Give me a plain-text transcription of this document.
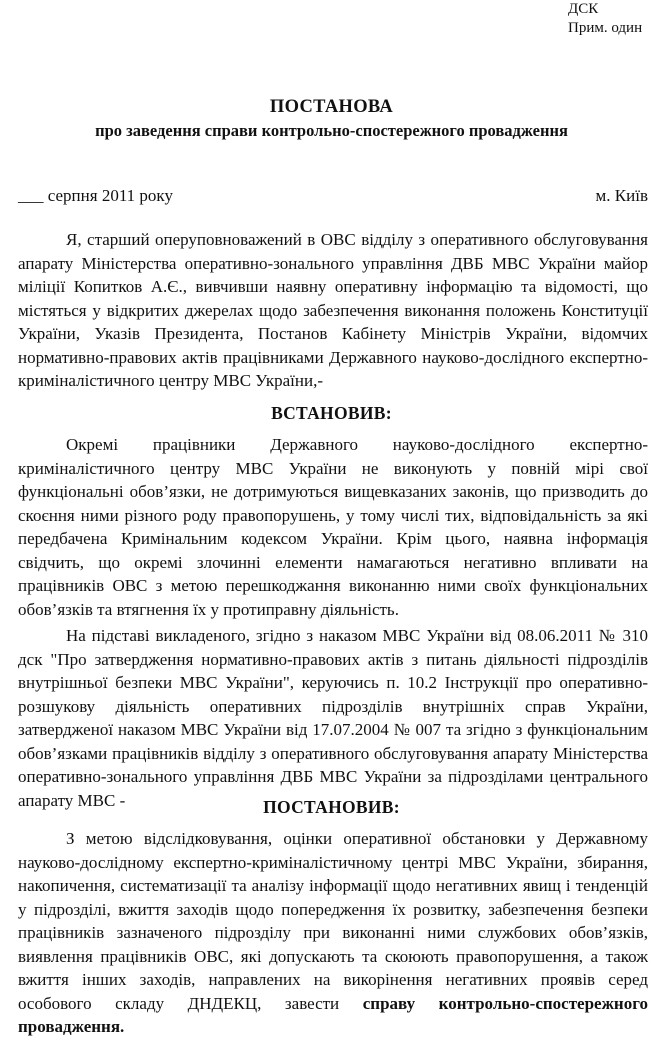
ДСК
Прим. один
ПОСТАНОВА
про заведення справи контрольно-спостережного провадження
___ серпня 2011 року	м. Київ

Я, старший оперуповноважений в ОВС відділу з оперативного обслуговування апарату Міністерства оперативно-зонального управління ДВБ МВС України майор міліції Копитков А.Є., вивчивши наявну оперативну інформацію та відомості, що містяться у відкритих джерелах щодо забезпечення виконання положень Конституції України, Указів Президента, Постанов Кабінету Міністрів України, відомчих нормативно-правових актів працівниками Державного науково-дослідного експертно-криміналістичного центру МВС України,-

ВСТАНОВИВ:

Окремі працівники Державного науково-дослідного експертно-криміналістичного центру МВС України не виконують у повній мірі свої функціональні обов’язки, не дотримуються вищевказаних законів, що призводить до скоєння ними різного роду правопорушень, у тому числі тих, відповідальність за які передбачена Кримінальним кодексом України. Крім цього, наявна інформація свідчить, що окремі злочинні елементи намагаються негативно впливати на працівників ОВС з метою перешкоджання виконанню ними своїх функціональних обов’язків та втягнення їх у протиправну діяльність.

На підставі викладеного, згідно з наказом МВС України від 08.06.2011 № 310 дск "Про затвердження нормативно-правових актів з питань діяльності підрозділів внутрішньої безпеки МВС України", керуючись п. 10.2 Інструкції про оперативно-розшукову діяльність оперативних підрозділів внутрішніх справ України, затвердженої наказом МВС України від 17.07.2004 № 007 та згідно з функціональним обов’язками працівників відділу з оперативного обслуговування апарату Міністерства оперативно-зонального управління ДВБ МВС України за підрозділами центрального апарату МВС -	ПОСТАНОВИВ:

З метою відслідковування, оцінки оперативної обстановки у Державному науково-дослідному експертно-криміналістичному центрі МВС України, збирання, накопичення, систематизації та аналізу інформації щодо негативних явищ і тенденцій у підрозділі, вжиття заходів щодо попередження їх розвитку, забезпечення безпеки працівників зазначеного підрозділу при виконанні ними службових обов’язків, виявлення працівників ОВС, які допускають та скоюють правопорушення, а також вжиття інших заходів, направлених на викорінення негативних проявів серед особового складу ДНДЕКЦ, завести справу контрольно-спостережного провадження.
